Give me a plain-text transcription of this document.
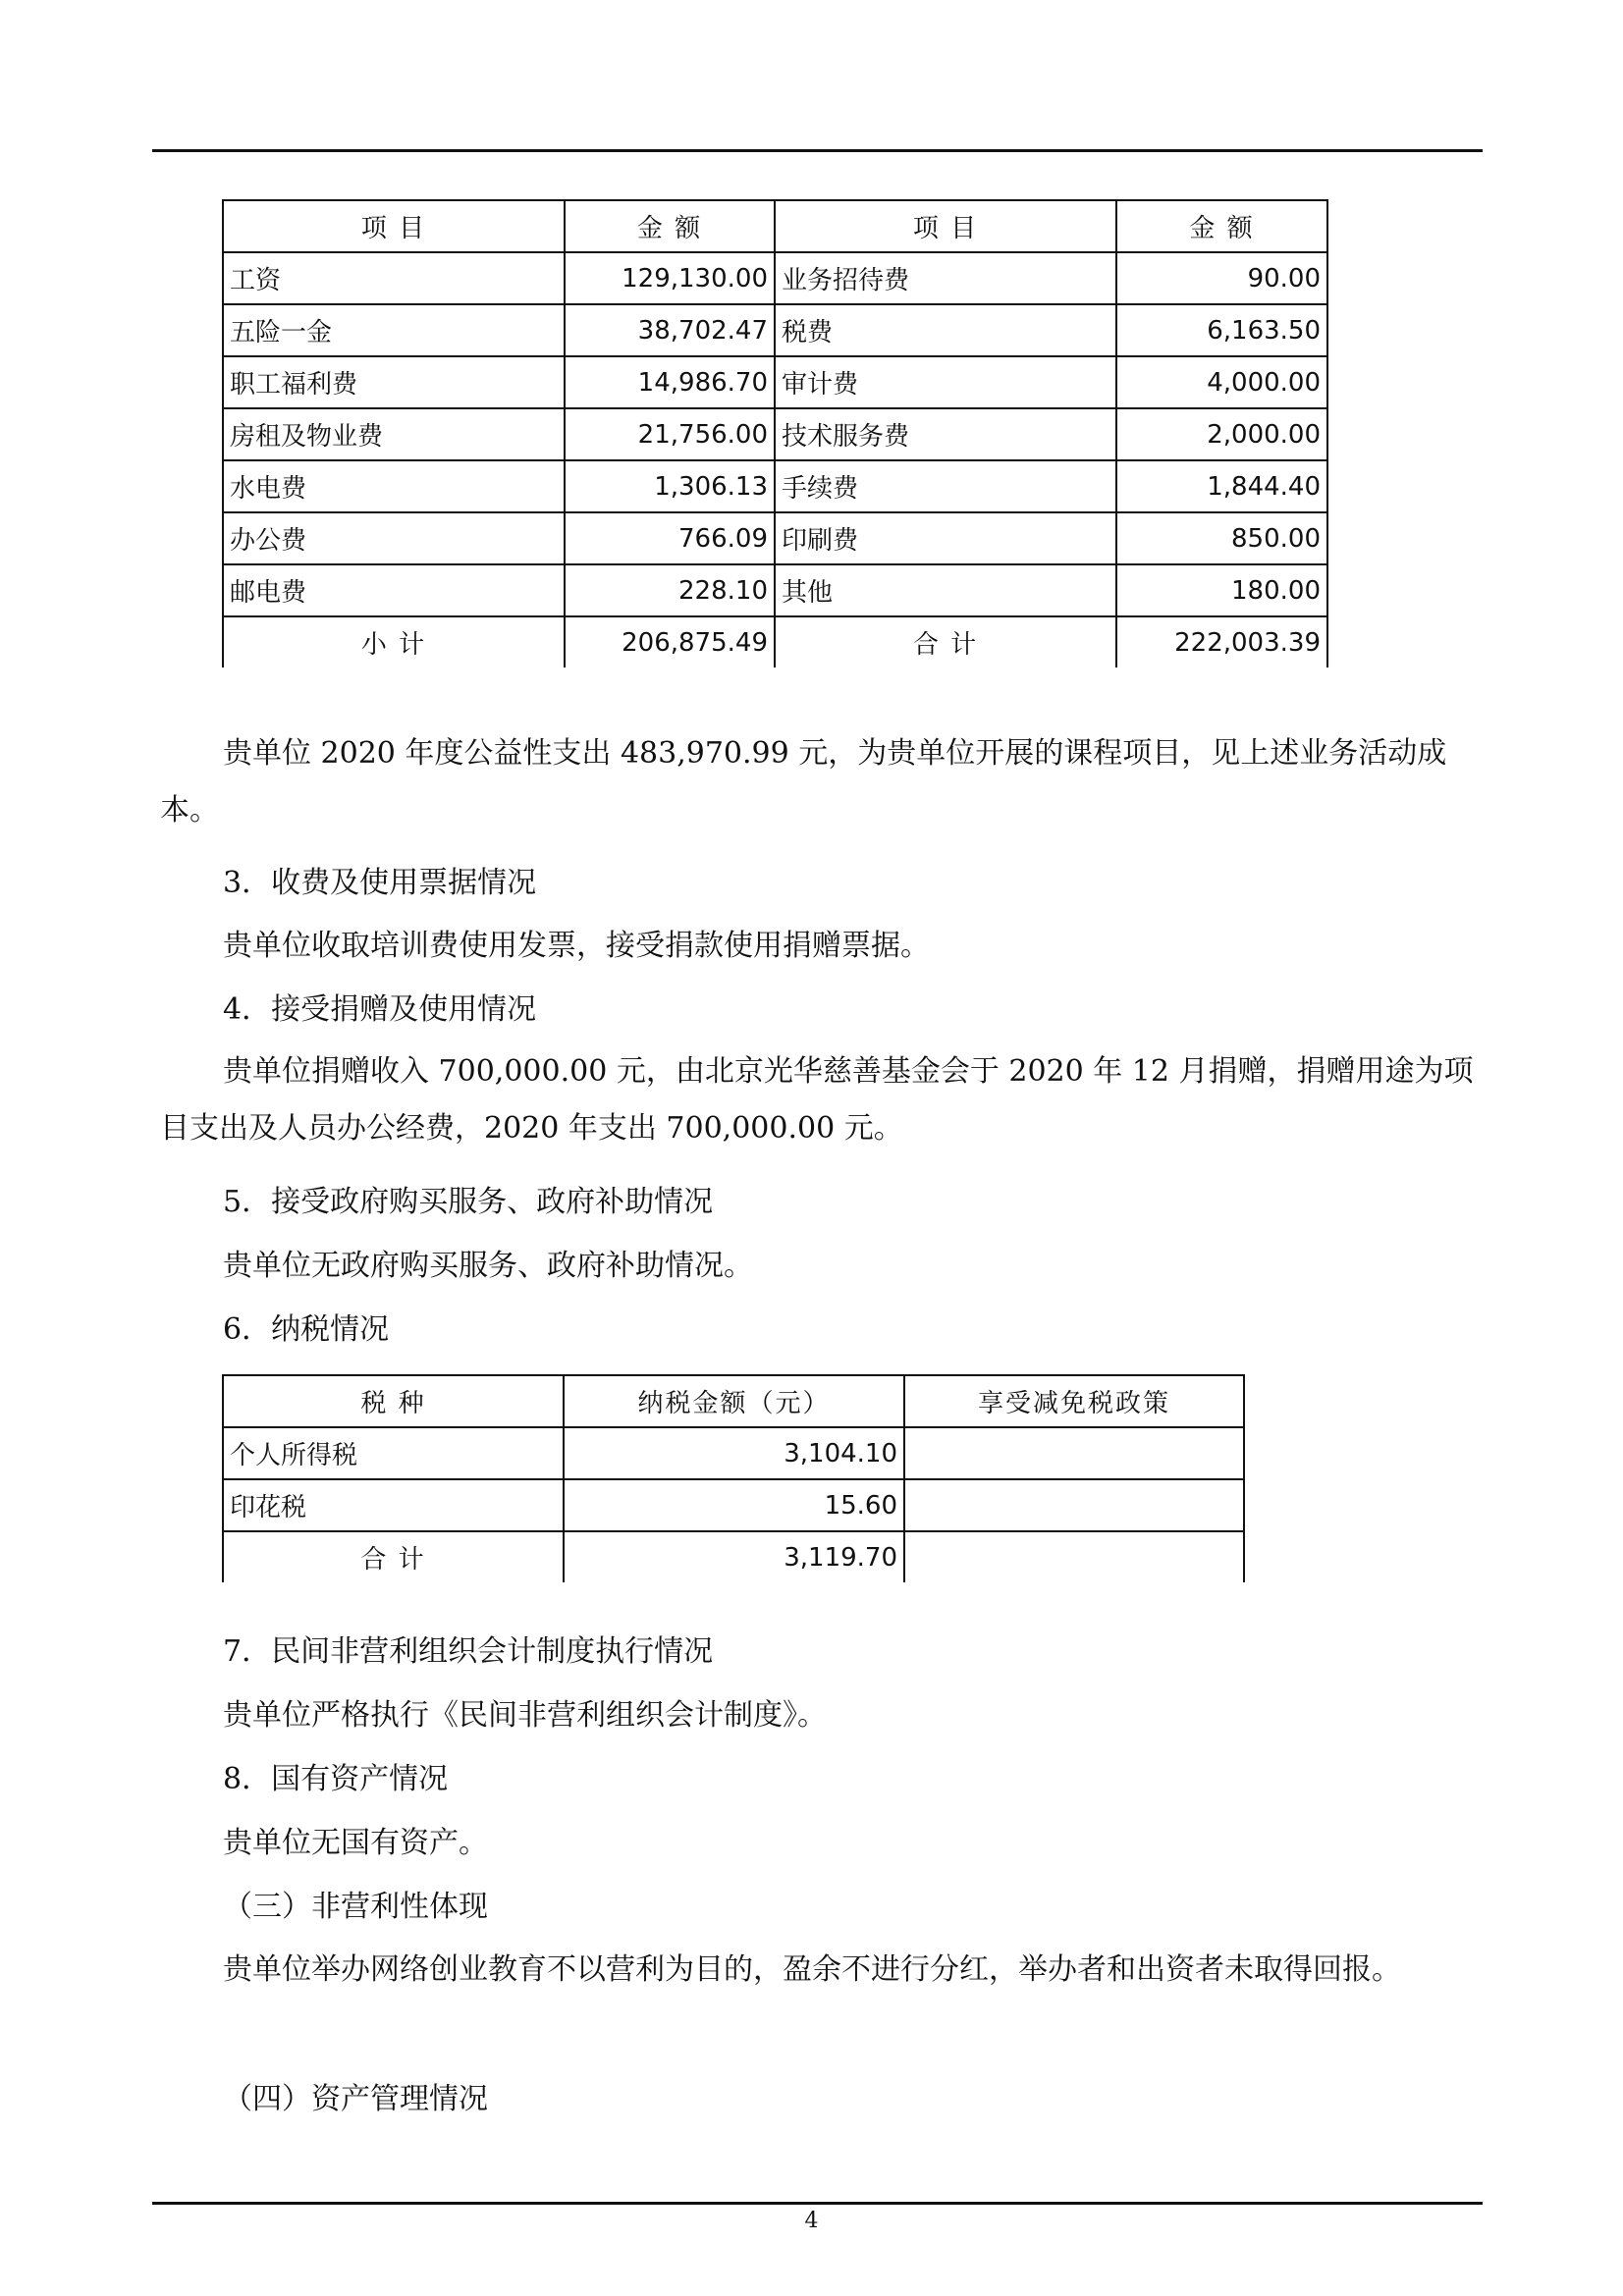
项 目	金 额	项 目	金 额
工资	129,130.00	业务招待费	90.00
五险一金	38,702.47	税费	6,163.50
职工福利费	14,986.70	审计费	4,000.00
房租及物业费	21,756.00	技术服务费	2,000.00
水电费	1,306.13	手续费	1,844.40
办公费	766.09	印刷费	850.00
邮电费	228.10	其他	180.00
小 计	206,875.49	合 计	222,003.39

贵单位 2020 年度公益性支出 483,970.99 元，为贵单位开展的课程项目，见上述业务活动成本。

3．收费及使用票据情况

贵单位收取培训费使用发票，接受捐款使用捐赠票据。

4．接受捐赠及使用情况

贵单位捐赠收入 700,000.00 元，由北京光华慈善基金会于 2020 年 12 月捐赠，捐赠用途为项目支出及人员办公经费，2020 年支出 700,000.00 元。

5．接受政府购买服务、政府补助情况

贵单位无政府购买服务、政府补助情况。

6．纳税情况

税 种	纳税金额（元）	享受减免税政策
个人所得税	3,104.10	
印花税	15.60	
合 计	3,119.70	

7．民间非营利组织会计制度执行情况

贵单位严格执行《民间非营利组织会计制度》。

8．国有资产情况

贵单位无国有资产。

（三）非营利性体现

贵单位举办网络创业教育不以营利为目的，盈余不进行分红，举办者和出资者未取得回报。

（四）资产管理情况

4
